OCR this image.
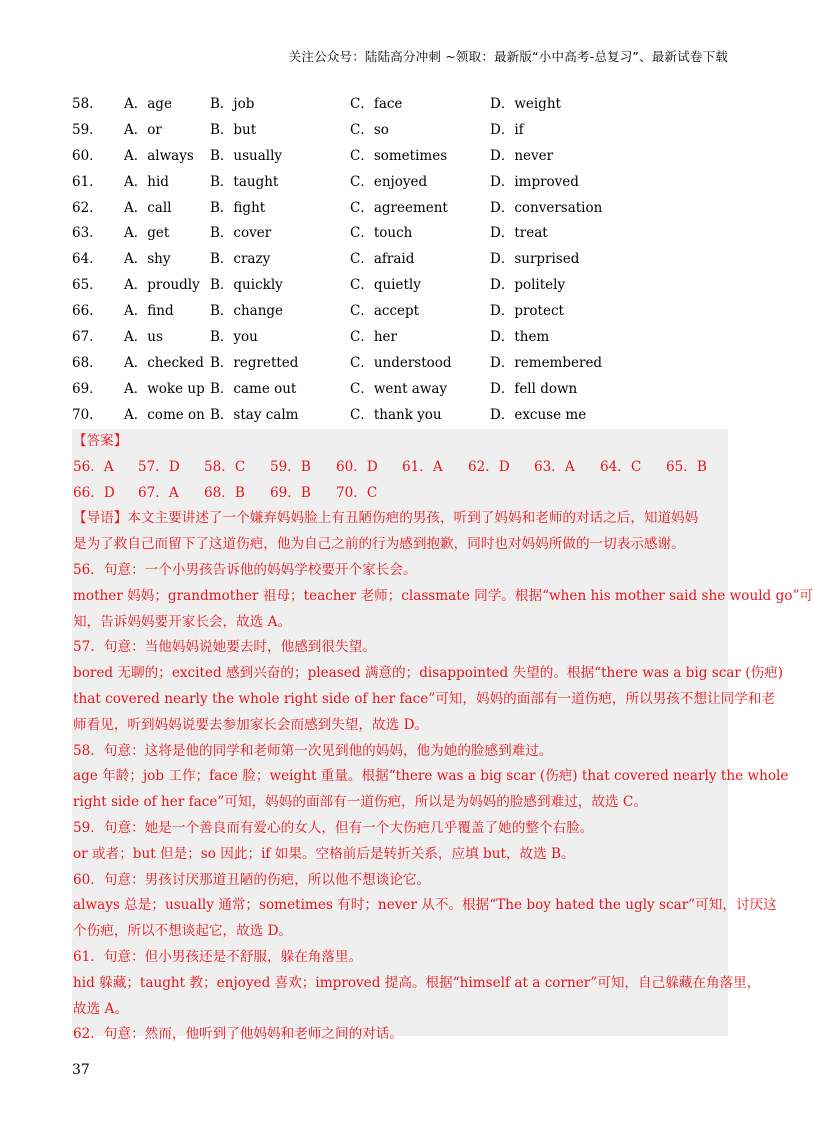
关注公众号：陆陆高分冲刺 ~领取：最新版“小中高考-总复习”、最新试卷下载
58． A．age	B．job	C．face	D．weight
59． A．or	B．but	C．so	D．if
60． A．always B．usually	C．sometimes	D．never
61． A．hid	B．taught	C．enjoyed	D．improved
62． A．call	B．fight	C．agreement	D．conversation
63． A．get	B．cover	C．touch	D．treat
64． A．shy	B．crazy	C．afraid	D．surprised
65． A．proudly B．quickly	C．quietly	D．politely
66． A．find	B．change	C．accept	D．protect
67． A．us	B．you	C．her	D．them
68． A．checked B．regretted	C．understood	D．remembered
69． A．woke up B．came out	C．went away	D．fell down
70． A．come on B．stay calm	C．thank you	D．excuse me
【答案】
56．A 57．D 58．C 59．B 60．D 61．A 62．D 63．A 64．C 65．B
66．D 67．A 68．B 69．B 70．C
【导语】本文主要讲述了一个嫌弃妈妈脸上有丑陋伤疤的男孩，听到了妈妈和老师的对话之后，知道妈妈
是为了救自己而留下了这道伤疤，他为自己之前的行为感到抱歉，同时也对妈妈所做的一切表示感谢。
56．句意：一个小男孩告诉他的妈妈学校要开个家长会。
mother 妈妈；grandmother 祖母；teacher 老师；classmate 同学。根据“when his mother said she would go”可
知，告诉妈妈要开家长会，故选 A。
57．句意：当他妈妈说她要去时，他感到很失望。
bored 无聊的；excited 感到兴奋的；pleased 满意的；disappointed 失望的。根据“there was a big scar (伤疤)
that covered nearly the whole right side of her face”可知，妈妈的面部有一道伤疤，所以男孩不想让同学和老
师看见，听到妈妈说要去参加家长会而感到失望，故选 D。
58．句意：这将是他的同学和老师第一次见到他的妈妈，他为她的脸感到难过。
age 年龄；job 工作；face 脸；weight 重量。根据“there was a big scar (伤疤) that covered nearly the whole
right side of her face”可知，妈妈的面部有一道伤疤，所以是为妈妈的脸感到难过，故选 C。
59．句意：她是一个善良而有爱心的女人，但有一个大伤疤几乎覆盖了她的整个右脸。
or 或者；but 但是；so 因此；if 如果。空格前后是转折关系，应填 but，故选 B。
60．句意：男孩讨厌那道丑陋的伤疤，所以他不想谈论它。
always 总是；usually 通常；sometimes 有时；never 从不。根据“The boy hated the ugly scar”可知，讨厌这
个伤疤，所以不想谈起它，故选 D。
61．句意：但小男孩还是不舒服，躲在角落里。
hid 躲藏；taught 教；enjoyed 喜欢；improved 提高。根据“himself at a corner”可知，自己躲藏在角落里，
故选 A。
62．句意：然而，他听到了他妈妈和老师之间的对话。
37
